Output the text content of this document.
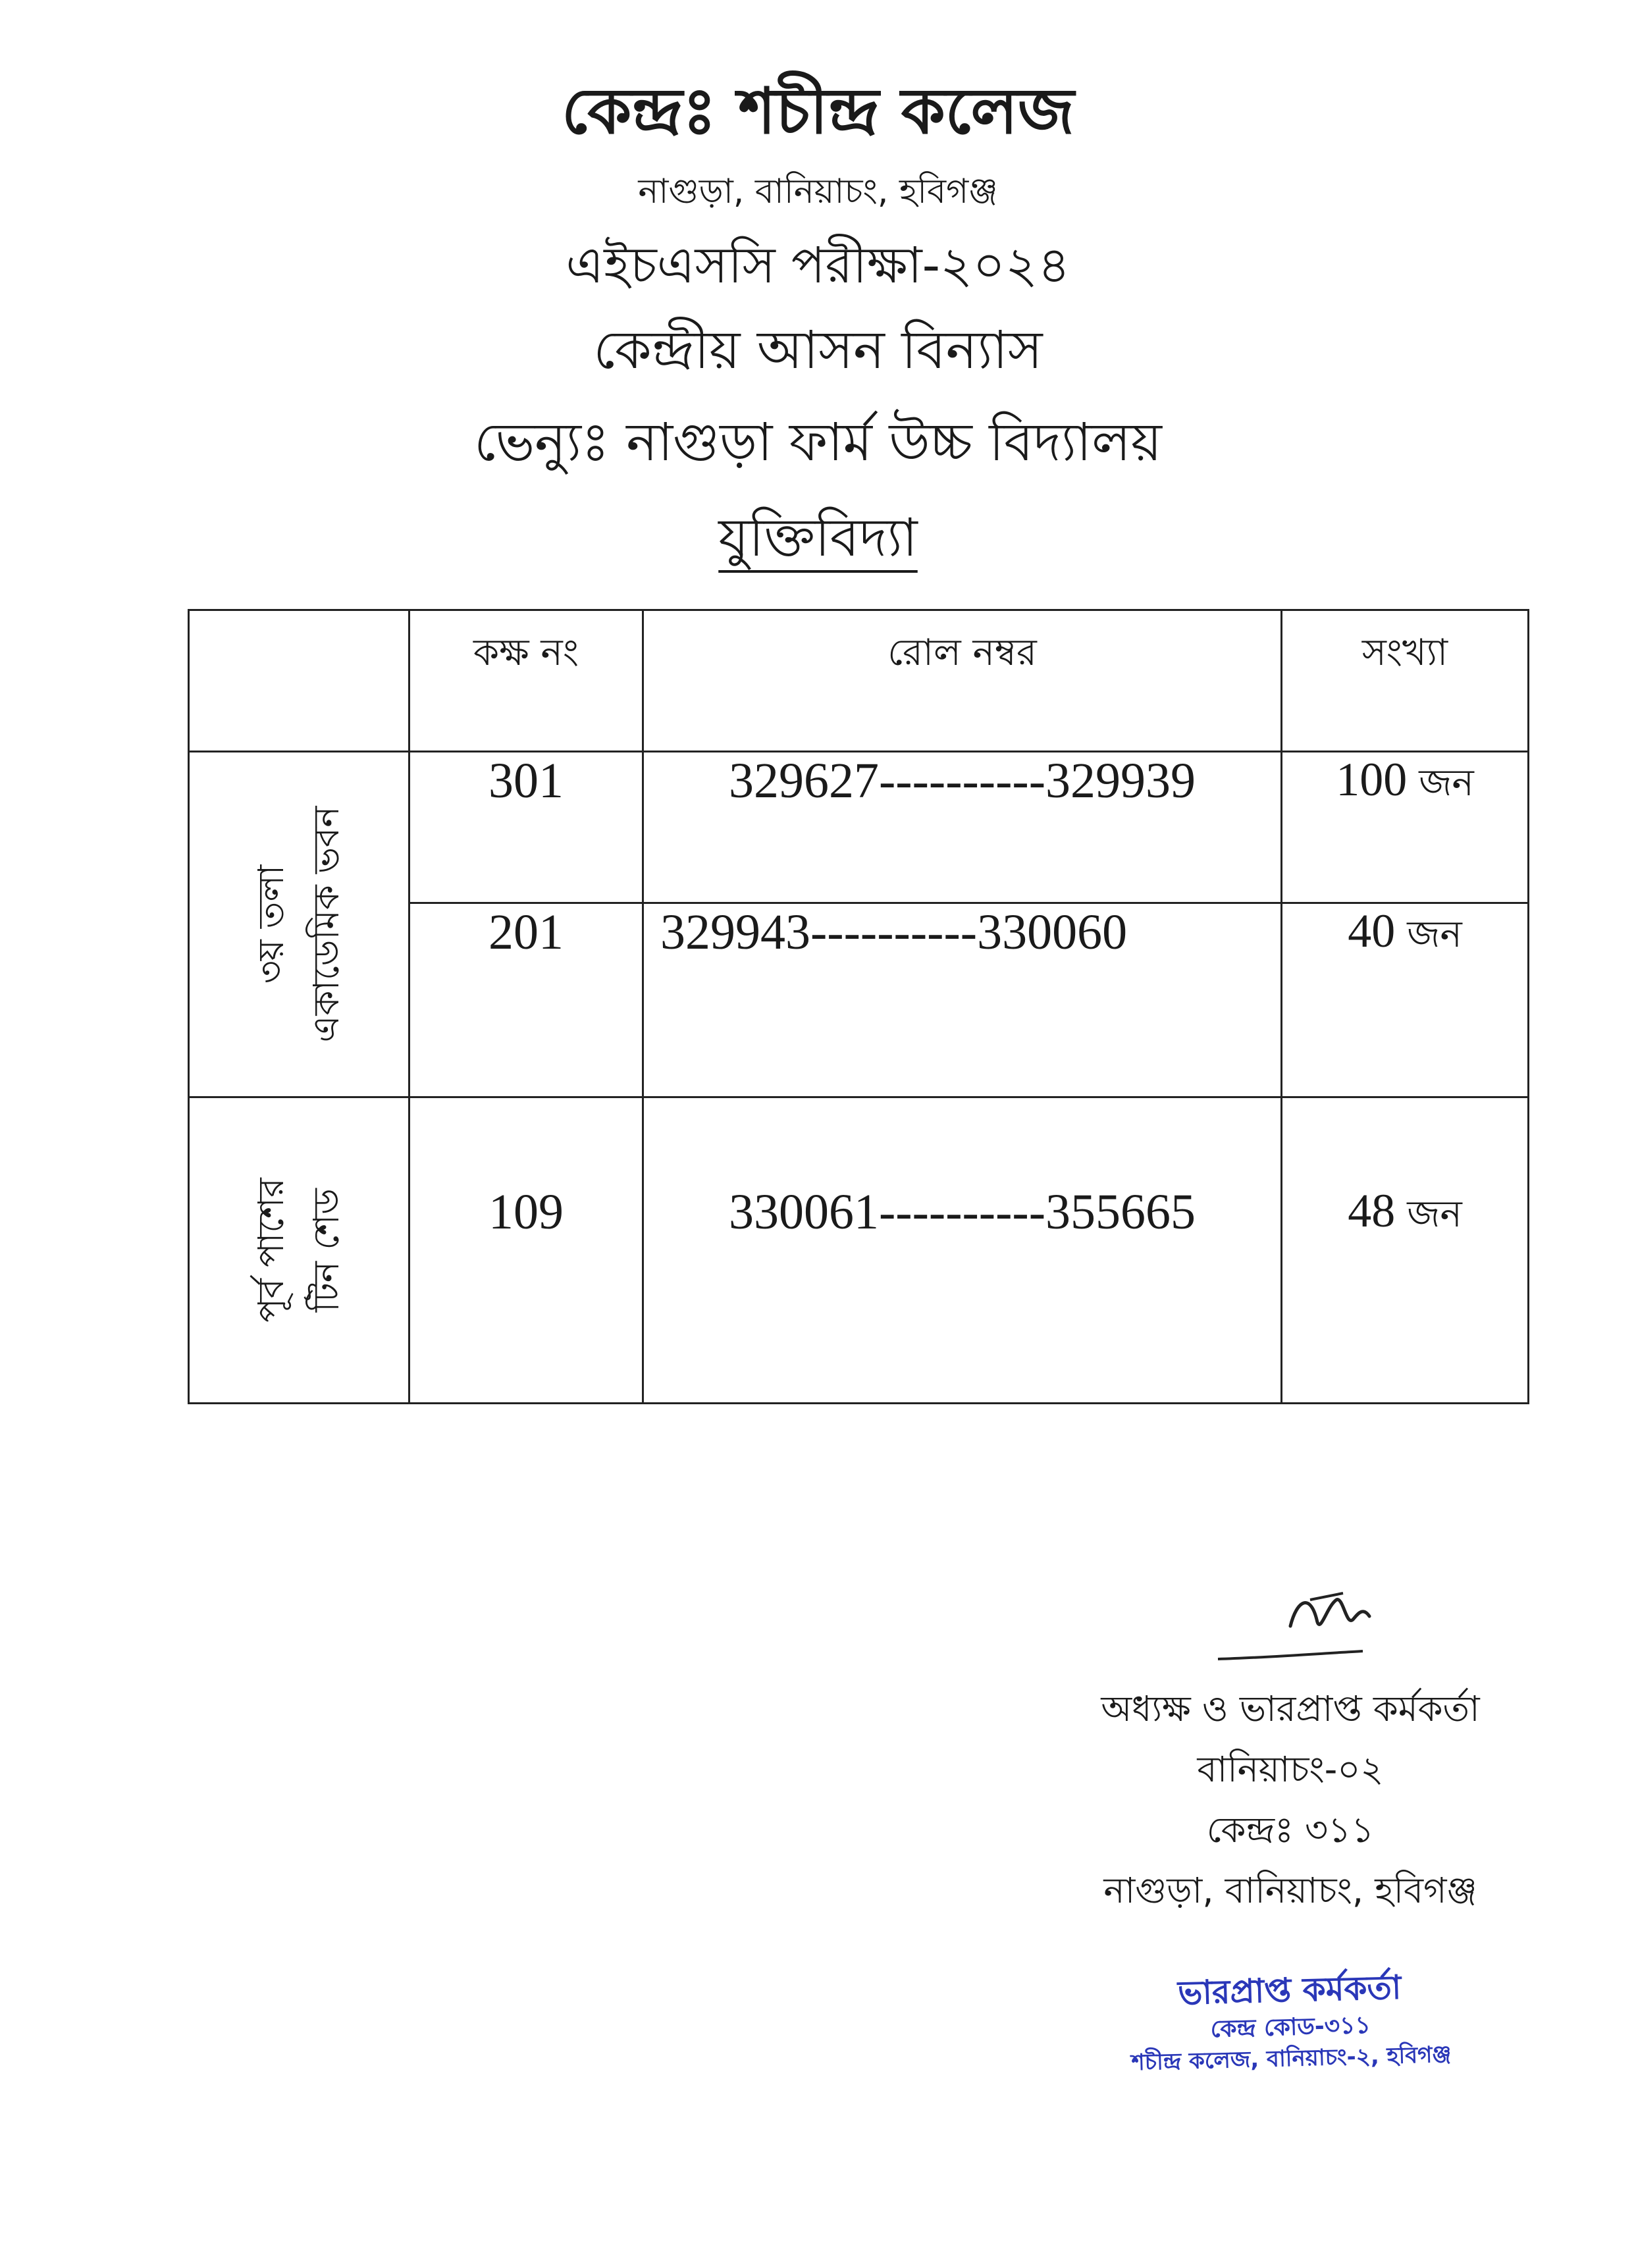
কেন্দ্রঃ শচীন্দ্র কলেজ
নাগুড়া, বানিয়াচং, হবিগঞ্জ
এইচএসসি পরীক্ষা-২০২৪
কেন্দ্রীয় আসন বিন্যাস
ভেন্যুঃ নাগুড়া ফার্ম উচ্চ বিদ্যালয়
যুক্তিবিদ্যা
	কক্ষ নং	রোল নম্বর	সংখ্যা

৩য় তলা একাডেমিক ভবন	301	329627----------329939	100 জন
	201	329943----------330060	40 জন

পূর্ব পাশের টিন শেড	109	330061----------355665	48 জন
অধ্যক্ষ ও ভারপ্রাপ্ত কর্মকর্তা
বানিয়াচং-০২
কেন্দ্রঃ ৩১১
নাগুড়া, বানিয়াচং, হবিগঞ্জ
ভারপ্রাপ্ত কর্মকর্তা
কেন্দ্র কোড-৩১১
শচীন্দ্র কলেজ, বানিয়াচং-২, হবিগঞ্জ
